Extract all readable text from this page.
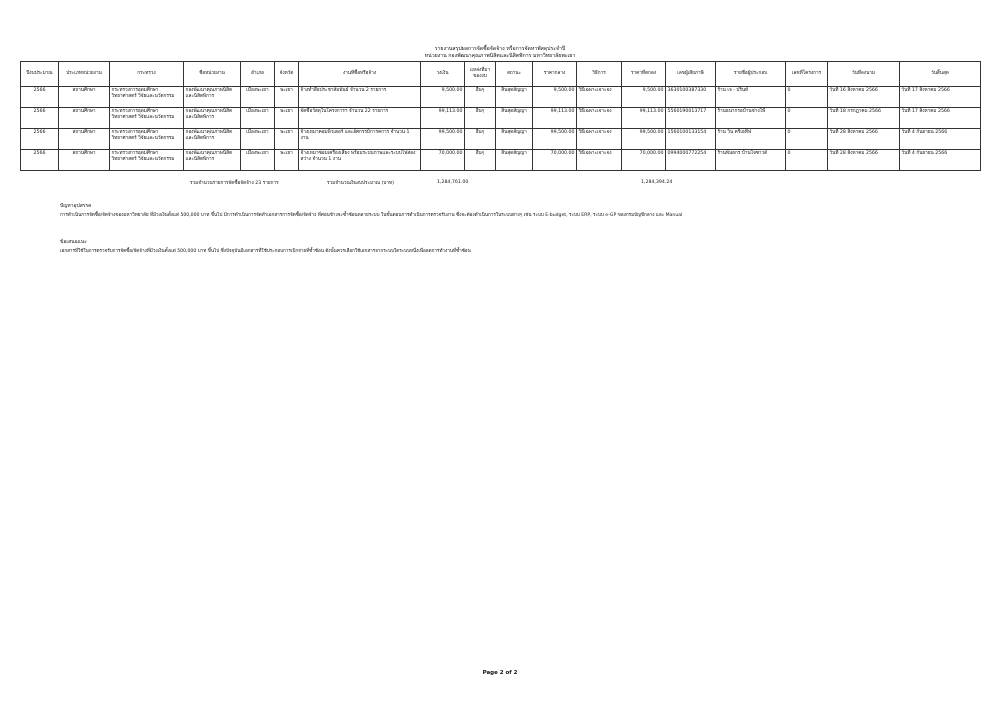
รายงานสรุปผลการจัดซื้อจัดจ้าง หรือการจัดหาพัสดุประจำปี
หน่วยงาน กองพัฒนาคุณภาพนิสิตและนิสิตพิการ มหาวิทยาลัยพะเยา
ปีงบประมาณ	ประเภทหน่วยงาน	กระทรวง	ชื่อหน่วยงาน	อำเภอ	จังหวัด	งานที่ซื้อหรือจ้าง	วงเงิน	แหล่งที่มาของงบ	สถานะ	ราคากลาง	วิธีการ	ราคาที่ตกลง	เลขผู้เสียภาษี	รายชื่อผู้ประกอบ	เลขที่โครงการ	วันที่ลงนาม	วันสิ้นสุด
2566	สถานศึกษา	กระทรวงการอุดมศึกษา วิทยาศาสตร์ วิจัยและนวัตกรรม	กองพัฒนาคุณภาพนิสิตและนิสิตพิการ	เมืองพะเยา	พะเยา	จ้างทำสื่อประชาสัมพันธ์ จำนวน 2 รายการ	9,500.00	อื่นๆ	สิ้นสุดสัญญา	9,500.00	วิธีเฉพาะเจาะจง	9,500.00	3630100387330	ร้าน เจ - ปริ้นท์	0	วันที่ 16 สิงหาคม 2566	วันที่ 17 สิงหาคม 2566
2566	สถานศึกษา	กระทรวงการอุดมศึกษา วิทยาศาสตร์ วิจัยและนวัตกรรม	กองพัฒนาคุณภาพนิสิตและนิสิตพิการ	เมืองพะเยา	พะเยา	จัดซื้อวัสดุในโครงการฯ จำนวน 22 รายการ	99,113.00	อื่นๆ	สิ้นสุดสัญญา	99,113.00	วิธีเฉพาะเจาะจง	99,113.00	5560190013717	ร้านธนากรอบ้านช่างใฟ้	0	วันที่ 18 กรกฎาคม 2566	วันที่ 17 สิงหาคม 2566
2566	สถานศึกษา	กระทรวงการอุดมศึกษา วิทยาศาสตร์ วิจัยและนวัตกรรม	กองพัฒนาคุณภาพนิสิตและนิสิตพิการ	เมืองพะเยา	พะเยา	จ้างเหมาคอมพิวเตอร์ และอัศกรรมิการคการ จำนวน 1 งาน	99,500.00	อื่นๆ	สิ้นสุดสัญญา	99,500.00	วิธีเฉพาะเจาะจง	99,500.00	1560100133154	ร้าน วิน ครีเอทีฟ	0	วันที่ 28 สิงหาคม 2566	วันที่ 4 กันยายน 2566
2566	สถานศึกษา	กระทรวงการอุดมศึกษา วิทยาศาสตร์ วิจัยและนวัตกรรม	กองพัฒนาคุณภาพนิสิตและนิสิตพิการ	เมืองพะเยา	พะเยา	จ้างเหมาซ่อมเครื่องเสียง พร้อมระบบภาพและระบบไฟส่องสว่าง จำนวน 1 งาน	70,000.00	อื่นๆ	สิ้นสุดสัญญา	70,000.00	วิธีเฉพาะเจาะจง	70,000.00	0994000772254	ร้านพันธกร บ้านใจซาวด์	0	วันที่ 28 สิงหาคม 2566	วันที่ 4 กันยายน 2566
รวมจำนวนรายการจัดซื้อจัดจ้าง 23 รายการ	รวมจำนวนเงินงบประมาณ (บาท)	1,284,761.00	1,284,394.24
ปัญหาอุปสรรค
การดำเนินการจัดซื้อ/จัดจ้างของมหาวิทยาลัย ที่มีวงเงินตั้งแต่ 500,000 บาท ขึ้นไป มีการดำเนินการจัดทำเอกสารการจัดซื้อ/จัดจ้าง ที่ค่อนข้างจะซ้ำซ้อนหลายระบบ ในขั้นตอนการดำเนินการตรวจรับงาน ซึ่งจะต้องดำเนินการในระบบต่างๆ เช่น ระบบ E-budget, ระบบ ERP, ระบบ e-GP ของกรมบัญชีกลาง และ Manual
ข้อเสนอแนะ
เอกสารที่ใช้ในการตรวจรับการจัดซื้อ/จัดจ้างที่มีวงเงินตั้งแต่ 500,000 บาท ขึ้นไป ซึ่งปัจจุบันมีเอกสารที่ใช้ประกอบการเบิกจ่ายที่ซ้ำซ้อน ดังนั้นควรเลือกใช้เอกสารจากระบบใดระบบหนึ่งเพื่อลดการทำงานที่ซ้ำซ้อน
Page 2 of 2
